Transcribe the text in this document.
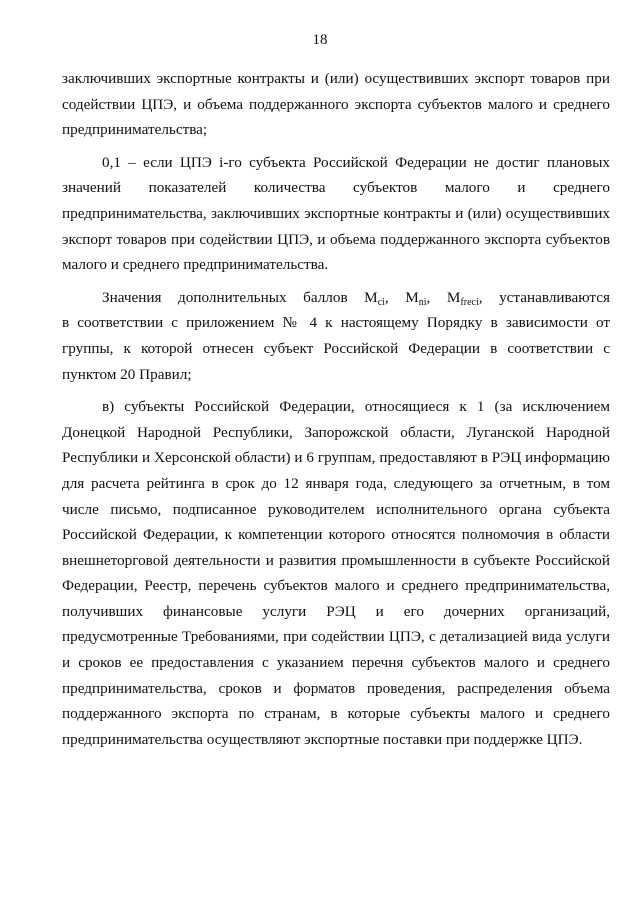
18

заключивших экспортные контракты и (или) осуществивших экспорт товаров при содействии ЦПЭ, и объема поддержанного экспорта субъектов малого и среднего предпринимательства;

0,1 – если ЦПЭ i-го субъекта Российской Федерации не достиг плановых значений показателей количества субъектов малого и среднего предпринимательства, заключивших экспортные контракты и (или) осуществивших экспорт товаров при содействии ЦПЭ, и объема поддержанного экспорта субъектов малого и среднего предпринимательства.

Значения дополнительных баллов $M_{ci}$, $M_{ni}$, $M_{freci}$, устанавливаются

в соответствии с приложением № 4 к настоящему Порядку в зависимости от группы, к которой отнесен субъект Российской Федерации в соответствии с пунктом 20 Правил;

в) субъекты Российской Федерации, относящиеся к 1 (за исключением Донецкой Народной Республики, Запорожской области, Луганской Народной Республики и Херсонской области) и 6 группам, предоставляют в РЭЦ информацию для расчета рейтинга в срок до 12 января года, следующего за отчетным, в том числе письмо, подписанное руководителем исполнительного органа субъекта Российской Федерации, к компетенции которого относятся полномочия в области внешнеторговой деятельности и развития промышленности в субъекте Российской Федерации, Реестр, перечень субъектов малого и среднего предпринимательства, получивших финансовые услуги РЭЦ и его дочерних организаций, предусмотренные Требованиями, при содействии ЦПЭ, с детализацией вида услуги и сроков ее предоставления с указанием перечня субъектов малого и среднего предпринимательства, сроков и форматов проведения, распределения объема поддержанного экспорта по странам, в которые субъекты малого и среднего предпринимательства осуществляют экспортные поставки при поддержке ЦПЭ.
